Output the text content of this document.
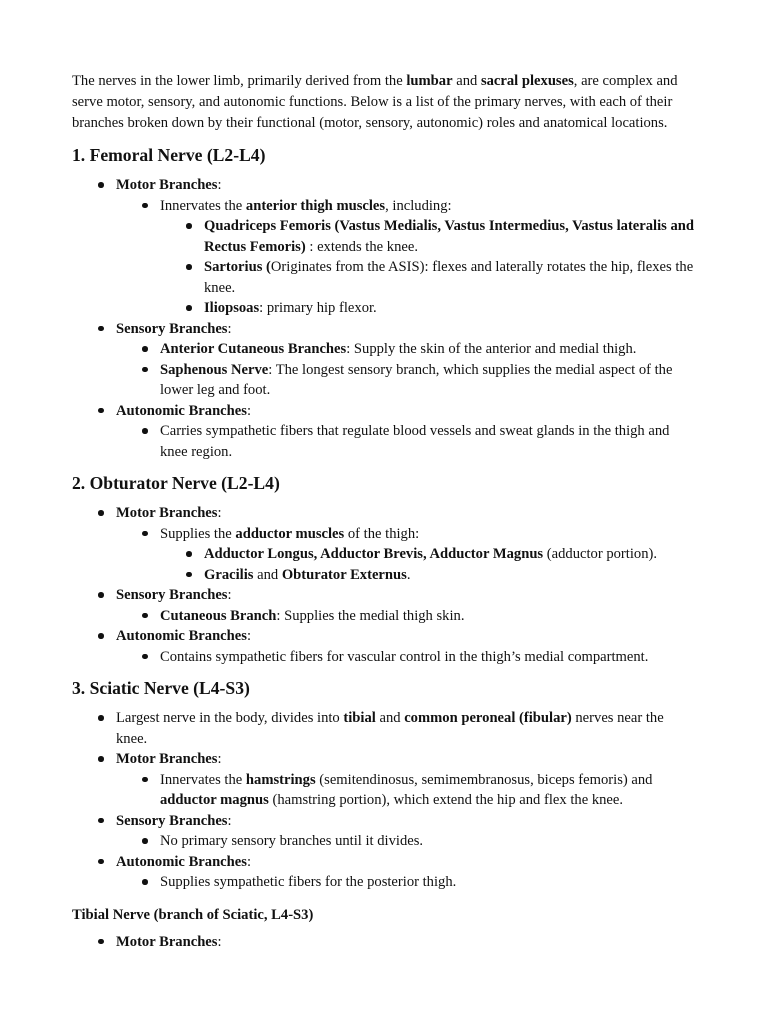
The nerves in the lower limb, primarily derived from the lumbar and sacral plexuses, are complex and serve motor, sensory, and autonomic functions. Below is a list of the primary nerves, with each of their branches broken down by their functional (motor, sensory, autonomic) roles and anatomical locations.

1. Femoral Nerve (L2-L4)
Motor Branches:
Innervates the anterior thigh muscles, including:
Quadriceps Femoris (Vastus Medialis, Vastus Intermedius, Vastus lateralis and Rectus Femoris) : extends the knee.
Sartorius (Originates from the ASIS): flexes and laterally rotates the hip, flexes the knee.
Iliopsoas: primary hip flexor.
Sensory Branches:
Anterior Cutaneous Branches: Supply the skin of the anterior and medial thigh.
Saphenous Nerve: The longest sensory branch, which supplies the medial aspect of the lower leg and foot.
Autonomic Branches:
Carries sympathetic fibers that regulate blood vessels and sweat glands in the thigh and knee region.
2. Obturator Nerve (L2-L4)
Motor Branches:
Supplies the adductor muscles of the thigh:
Adductor Longus, Adductor Brevis, Adductor Magnus (adductor portion).
Gracilis and Obturator Externus.
Sensory Branches:
Cutaneous Branch: Supplies the medial thigh skin.
Autonomic Branches:
Contains sympathetic fibers for vascular control in the thigh’s medial compartment.
3. Sciatic Nerve (L4-S3)
Largest nerve in the body, divides into tibial and common peroneal (fibular) nerves near the knee.
Motor Branches:
Innervates the hamstrings (semitendinosus, semimembranosus, biceps femoris) and adductor magnus (hamstring portion), which extend the hip and flex the knee.
Sensory Branches:
No primary sensory branches until it divides.
Autonomic Branches:
Supplies sympathetic fibers for the posterior thigh.
Tibial Nerve (branch of Sciatic, L4-S3)
Motor Branches:
